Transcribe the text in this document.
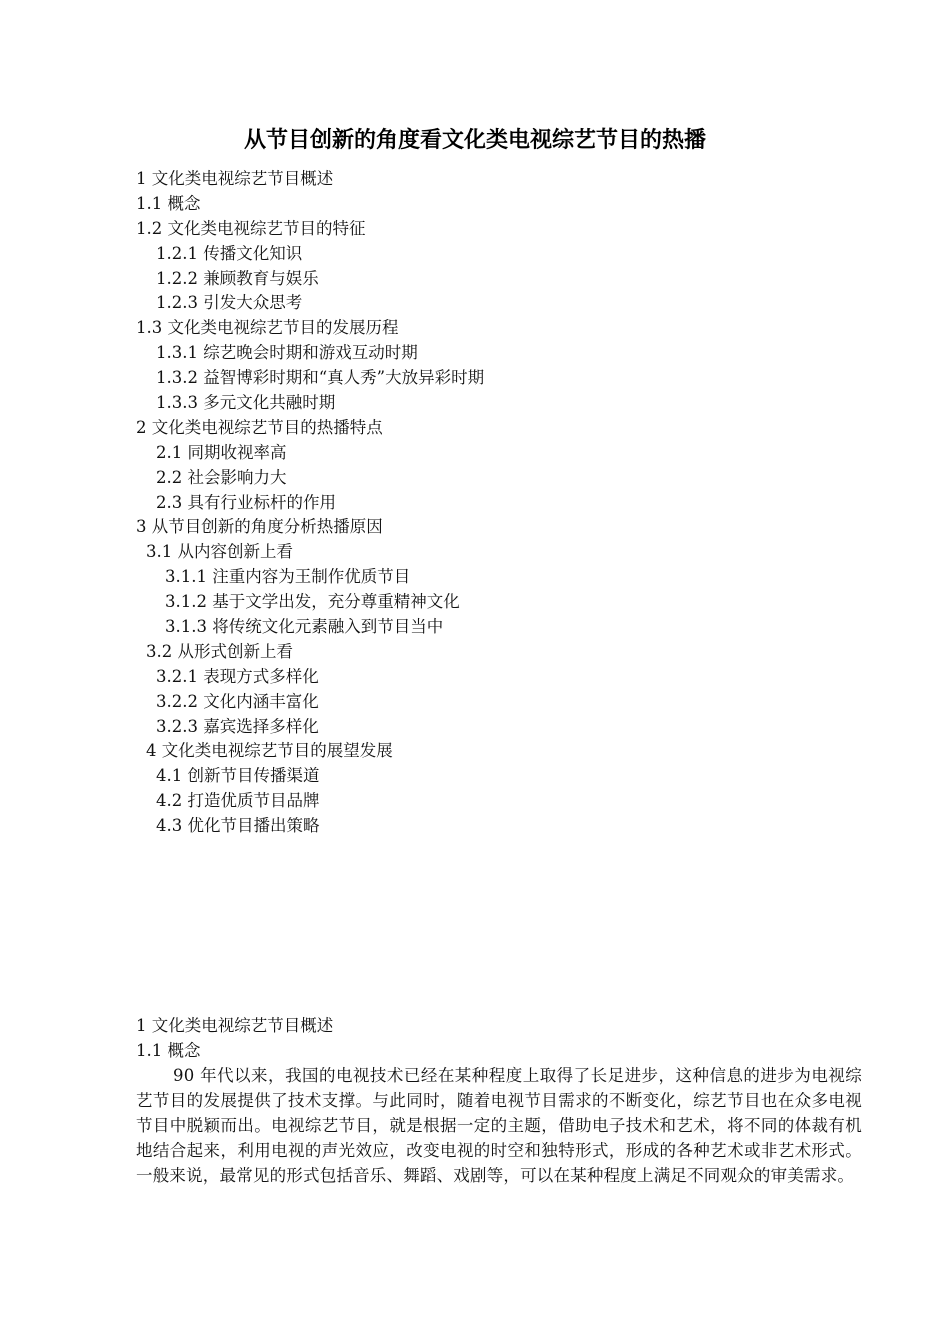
从节目创新的角度看文化类电视综艺节目的热播
1 文化类电视综艺节目概述
1.1 概念
1.2 文化类电视综艺节目的特征
1.2.1 传播文化知识
1.2.2 兼顾教育与娱乐
1.2.3 引发大众思考
1.3 文化类电视综艺节目的发展历程
1.3.1 综艺晚会时期和游戏互动时期
1.3.2 益智博彩时期和“真人秀”大放异彩时期
1.3.3 多元文化共融时期
2 文化类电视综艺节目的热播特点
2.1 同期收视率高
2.2 社会影响力大
2.3 具有行业标杆的作用
3 从节目创新的角度分析热播原因
3.1 从内容创新上看
3.1.1 注重内容为王制作优质节目
3.1.2 基于文学出发，充分尊重精神文化
3.1.3 将传统文化元素融入到节目当中
3.2 从形式创新上看
3.2.1 表现方式多样化
3.2.2 文化内涵丰富化
3.2.3 嘉宾选择多样化
4 文化类电视综艺节目的展望发展
4.1 创新节目传播渠道
4.2 打造优质节目品牌
4.3 优化节目播出策略

1 文化类电视综艺节目概述

1.1 概念

90 年代以来，我国的电视技术已经在某种程度上取得了长足进步，这种信息的进步为电视综艺节目的发展提供了技术支撑。与此同时，随着电视节目需求的不断变化，综艺节目也在众多电视节目中脱颖而出。电视综艺节目，就是根据一定的主题，借助电子技术和艺术，将不同的体裁有机地结合起来，利用电视的声光效应，改变电视的时空和独特形式，形成的各种艺术或非艺术形式。一般来说，最常见的形式包括音乐、舞蹈、戏剧等，可以在某种程度上满足不同观众的审美需求。
